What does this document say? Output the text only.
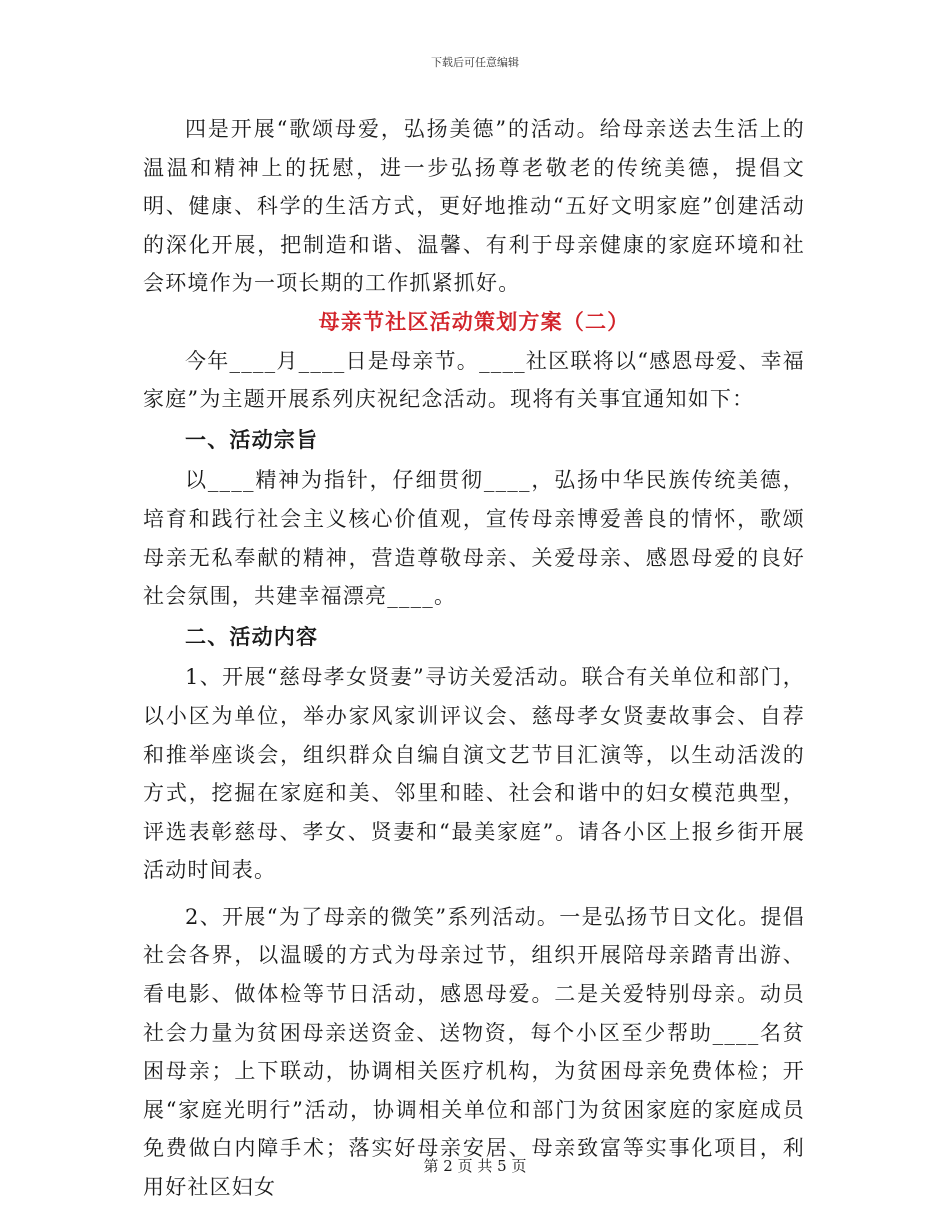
下载后可任意编辑

四是开展“歌颂母爱，弘扬美德”的活动。给母亲送去生活上的温温和精神上的抚慰，进一步弘扬尊老敬老的传统美德，提倡文明、健康、科学的生活方式，更好地推动“五好文明家庭”创建活动的深化开展，把制造和谐、温馨、有利于母亲健康的家庭环境和社会环境作为一项长期的工作抓紧抓好。

母亲节社区活动策划方案（二）

今年____月____日是母亲节。____社区联将以“感恩母爱、幸福家庭”为主题开展系列庆祝纪念活动。现将有关事宜通知如下：

一、活动宗旨

以____精神为指针，仔细贯彻____，弘扬中华民族传统美德，培育和践行社会主义核心价值观，宣传母亲博爱善良的情怀，歌颂母亲无私奉献的精神，营造尊敬母亲、关爱母亲、感恩母爱的良好社会氛围，共建幸福漂亮____。

二、活动内容

1、开展“慈母孝女贤妻”寻访关爱活动。联合有关单位和部门，以小区为单位，举办家风家训评议会、慈母孝女贤妻故事会、自荐和推举座谈会，组织群众自编自演文艺节目汇演等，以生动活泼的方式，挖掘在家庭和美、邻里和睦、社会和谐中的妇女模范典型，评选表彰慈母、孝女、贤妻和“最美家庭”。请各小区上报乡街开展活动时间表。

2、开展“为了母亲的微笑”系列活动。一是弘扬节日文化。提倡社会各界，以温暖的方式为母亲过节，组织开展陪母亲踏青出游、看电影、做体检等节日活动，感恩母爱。二是关爱特别母亲。动员社会力量为贫困母亲送资金、送物资，每个小区至少帮助____名贫困母亲；上下联动，协调相关医疗机构，为贫困母亲免费体检；开展“家庭光明行”活动，协调相关单位和部门为贫困家庭的家庭成员免费做白内障手术；落实好母亲安居、母亲致富等实事化项目，利用好社区妇女

第 2 页 共 5 页
